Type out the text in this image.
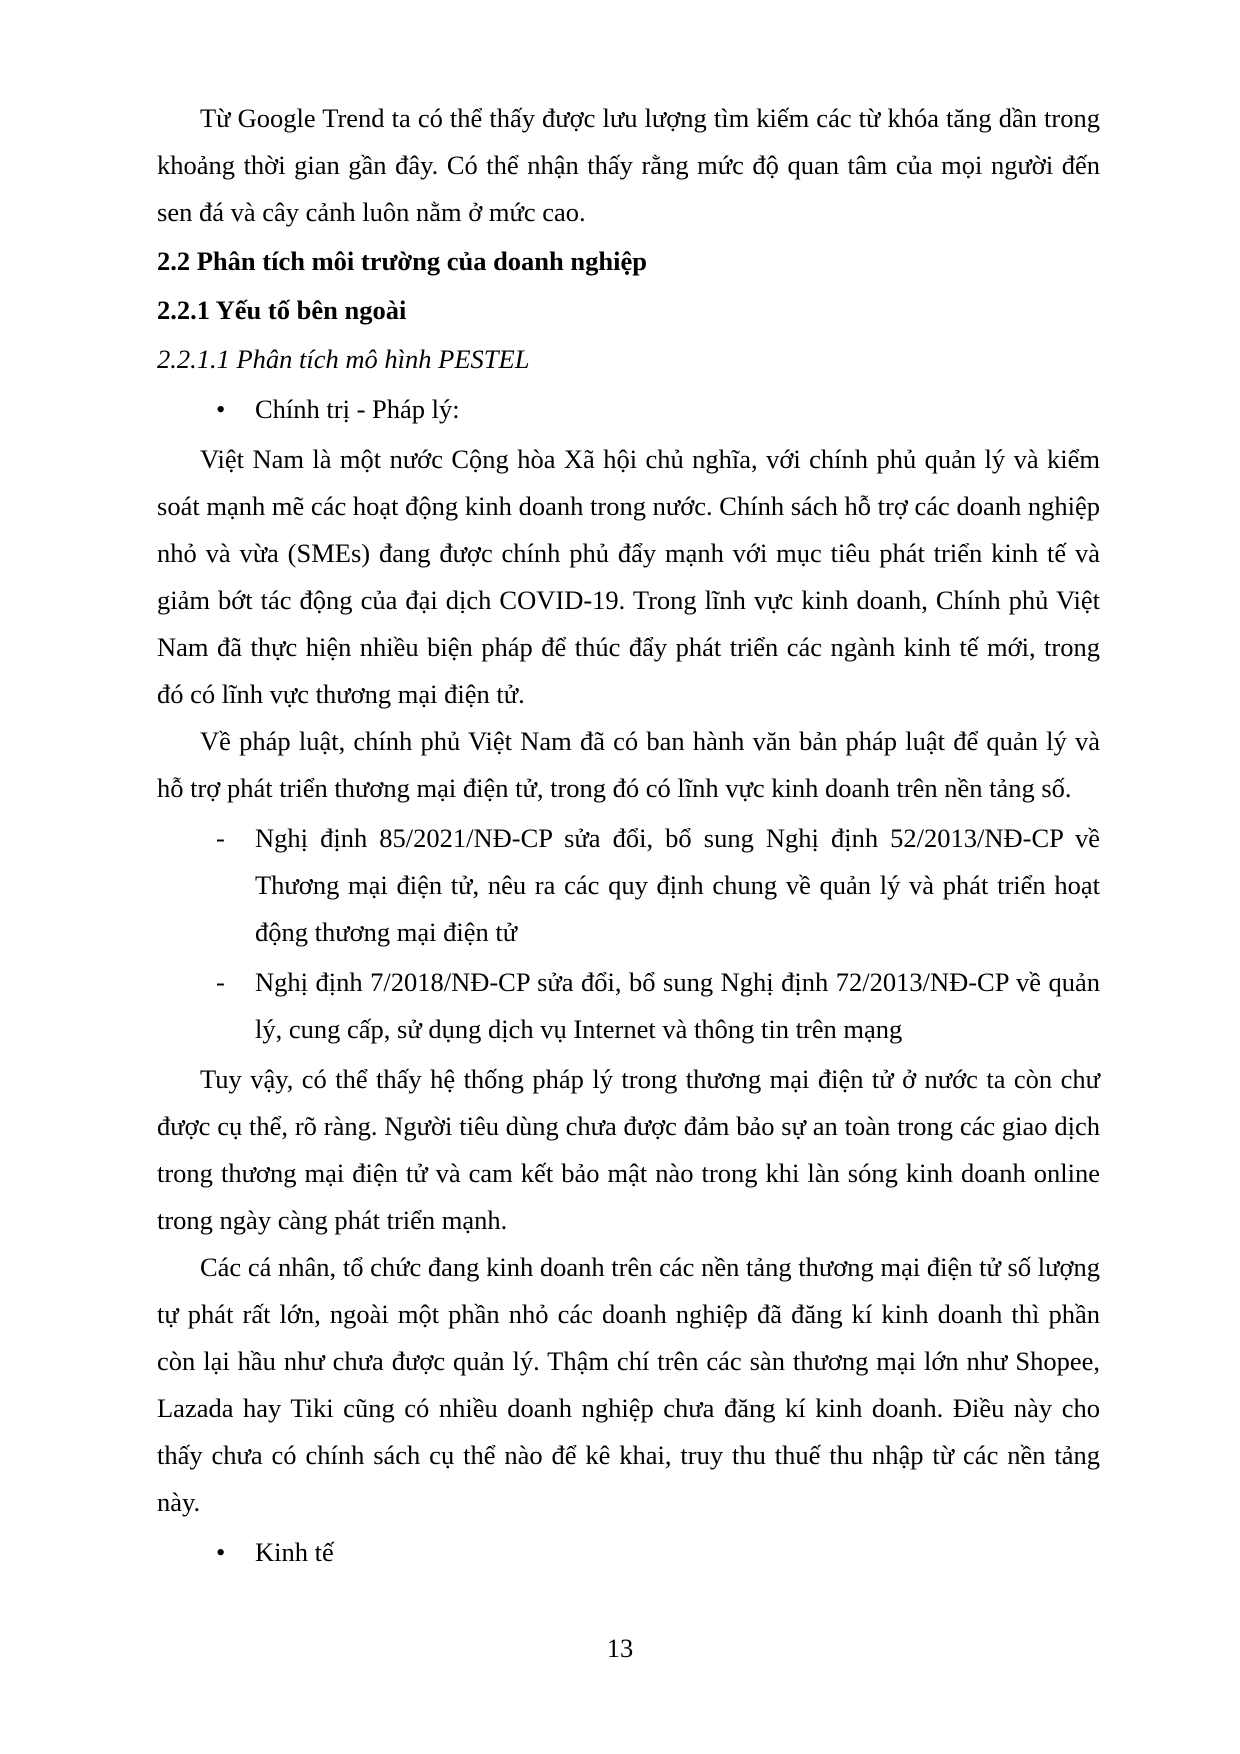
Từ Google Trend ta có thể thấy được lưu lượng tìm kiếm các từ khóa tăng dần trong khoảng thời gian gần đây. Có thể nhận thấy rằng mức độ quan tâm của mọi người đến sen đá và cây cảnh luôn nằm ở mức cao.

2.2 Phân tích môi trường của doanh nghiệp
2.2.1 Yếu tố bên ngoài
2.2.1.1 Phân tích mô hình PESTEL
• Chính trị - Pháp lý:

Việt Nam là một nước Cộng hòa Xã hội chủ nghĩa, với chính phủ quản lý và kiểm soát mạnh mẽ các hoạt động kinh doanh trong nước. Chính sách hỗ trợ các doanh nghiệp nhỏ và vừa (SMEs) đang được chính phủ đẩy mạnh với mục tiêu phát triển kinh tế và giảm bớt tác động của đại dịch COVID-19. Trong lĩnh vực kinh doanh, Chính phủ Việt Nam đã thực hiện nhiều biện pháp để thúc đẩy phát triển các ngành kinh tế mới, trong đó có lĩnh vực thương mại điện tử.

Về pháp luật, chính phủ Việt Nam đã có ban hành văn bản pháp luật để quản lý và hỗ trợ phát triển thương mại điện tử, trong đó có lĩnh vực kinh doanh trên nền tảng số.

- Nghị định 85/2021/NĐ-CP sửa đổi, bổ sung Nghị định 52/2013/NĐ-CP về Thương mại điện tử, nêu ra các quy định chung về quản lý và phát triển hoạt động thương mại điện tử
- Nghị định 7/2018/NĐ-CP sửa đổi, bổ sung Nghị định 72/2013/NĐ-CP về quản lý, cung cấp, sử dụng dịch vụ Internet và thông tin trên mạng

Tuy vậy, có thể thấy hệ thống pháp lý trong thương mại điện tử ở nước ta còn chư được cụ thể, rõ ràng. Người tiêu dùng chưa được đảm bảo sự an toàn trong các giao dịch trong thương mại điện tử và cam kết bảo mật nào trong khi làn sóng kinh doanh online trong ngày càng phát triển mạnh.

Các cá nhân, tổ chức đang kinh doanh trên các nền tảng thương mại điện tử số lượng tự phát rất lớn, ngoài một phần nhỏ các doanh nghiệp đã đăng kí kinh doanh thì phần còn lại hầu như chưa được quản lý. Thậm chí trên các sàn thương mại lớn như Shopee, Lazada hay Tiki cũng có nhiều doanh nghiệp chưa đăng kí kinh doanh. Điều này cho thấy chưa có chính sách cụ thể nào để kê khai, truy thu thuế thu nhập từ các nền tảng này.

• Kinh tế
13
